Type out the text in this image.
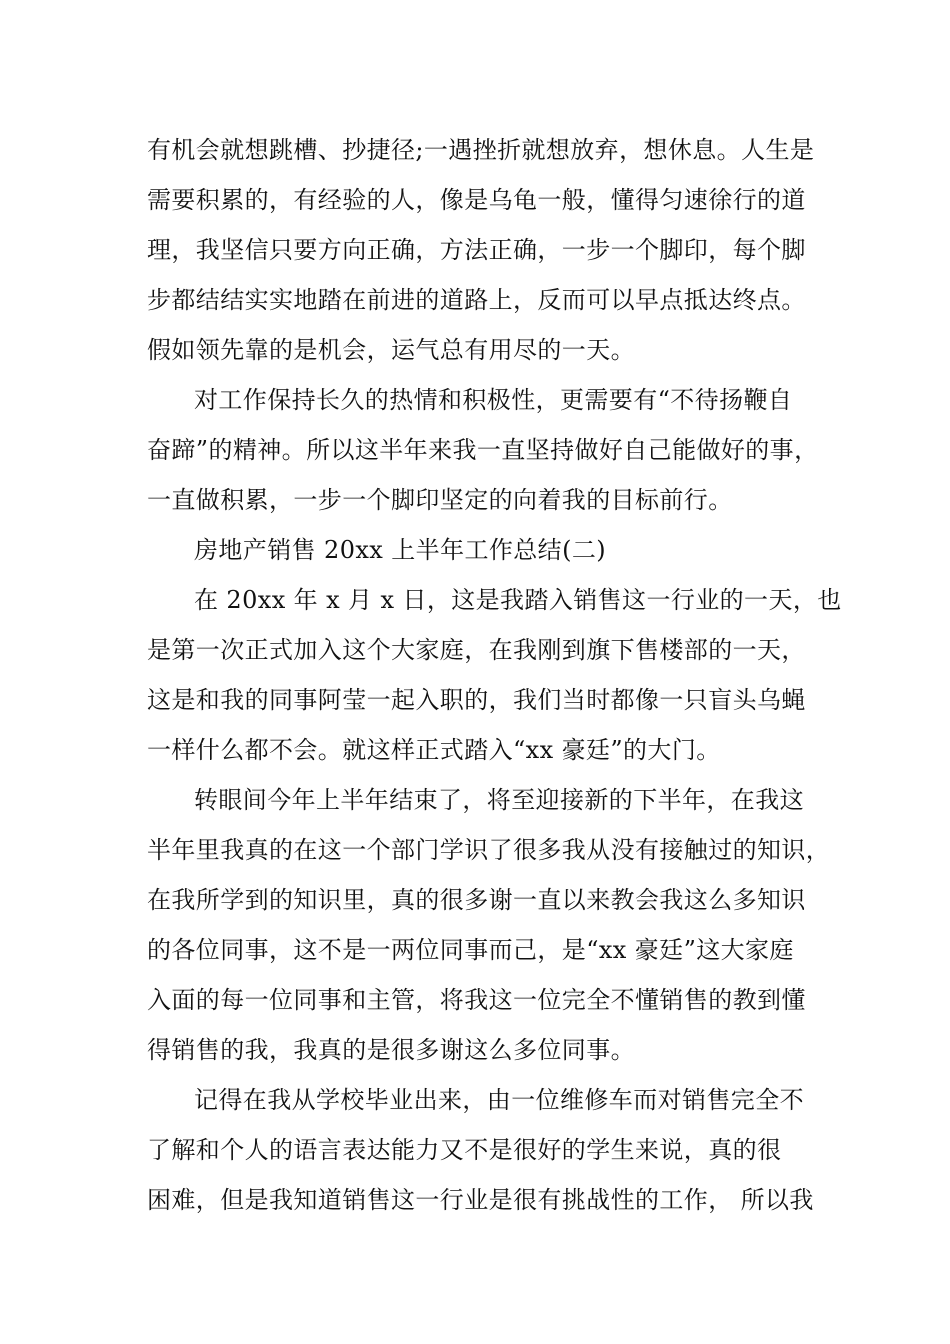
有机会就想跳槽、抄捷径;一遇挫折就想放弃，想休息。人生是
需要积累的，有经验的人，像是乌龟一般，懂得匀速徐行的道
理，我坚信只要方向正确，方法正确，一步一个脚印，每个脚
步都结结实实地踏在前进的道路上，反而可以早点抵达终点。
假如领先靠的是机会，运气总有用尽的一天。
对工作保持长久的热情和积极性，更需要有“不待扬鞭自
奋蹄”的精神。所以这半年来我一直坚持做好自己能做好的事，
一直做积累，一步一个脚印坚定的向着我的目标前行。
房地产销售 20xx 上半年工作总结(二)
在 20xx 年 x 月 x 日，这是我踏入销售这一行业的一天，也
是第一次正式加入这个大家庭，在我刚到旗下售楼部的一天，
这是和我的同事阿莹一起入职的，我们当时都像一只盲头乌蝇
一样什么都不会。就这样正式踏入“xx 豪廷”的大门。
转眼间今年上半年结束了，将至迎接新的下半年，在我这
半年里我真的在这一个部门学识了很多我从没有接触过的知识，
在我所学到的知识里，真的很多谢一直以来教会我这么多知识
的各位同事，这不是一两位同事而己，是“xx 豪廷”这大家庭
入面的每一位同事和主管，将我这一位完全不懂销售的教到懂
得销售的我，我真的是很多谢这么多位同事。
记得在我从学校毕业出来，由一位维修车而对销售完全不
了解和个人的语言表达能力又不是很好的学生来说，真的很
困难，但是我知道销售这一行业是很有挑战性的工作， 所以我
